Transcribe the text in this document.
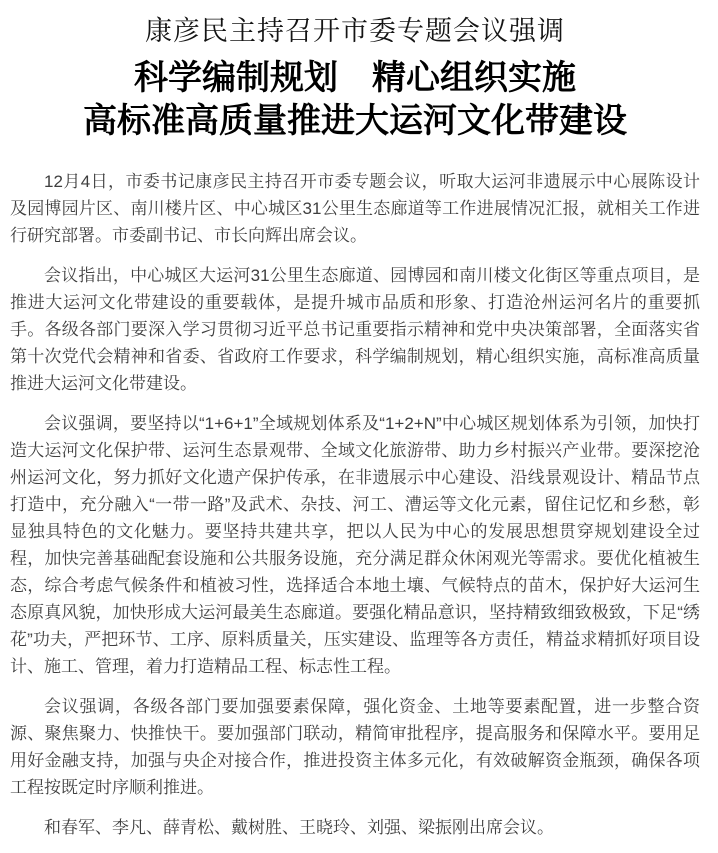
康彦民主持召开市委专题会议强调
科学编制规划　精心组织实施
高标准高质量推进大运河文化带建设

12月4日，市委书记康彦民主持召开市委专题会议，听取大运河非遗展示中心展陈设计及园博园片区、南川楼片区、中心城区31公里生态廊道等工作进展情况汇报，就相关工作进行研究部署。市委副书记、市长向辉出席会议。

会议指出，中心城区大运河31公里生态廊道、园博园和南川楼文化街区等重点项目，是推进大运河文化带建设的重要载体，是提升城市品质和形象、打造沧州运河名片的重要抓手。各级各部门要深入学习贯彻习近平总书记重要指示精神和党中央决策部署，全面落实省第十次党代会精神和省委、省政府工作要求，科学编制规划，精心组织实施，高标准高质量推进大运河文化带建设。

会议强调，要坚持以“1+6+1”全域规划体系及“1+2+N”中心城区规划体系为引领，加快打造大运河文化保护带、运河生态景观带、全域文化旅游带、助力乡村振兴产业带。要深挖沧州运河文化，努力抓好文化遗产保护传承，在非遗展示中心建设、沿线景观设计、精品节点打造中，充分融入“一带一路”及武术、杂技、河工、漕运等文化元素，留住记忆和乡愁，彰显独具特色的文化魅力。要坚持共建共享，把以人民为中心的发展思想贯穿规划建设全过程，加快完善基础配套设施和公共服务设施，充分满足群众休闲观光等需求。要优化植被生态，综合考虑气候条件和植被习性，选择适合本地土壤、气候特点的苗木，保护好大运河生态原真风貌，加快形成大运河最美生态廊道。要强化精品意识，坚持精致细致极致，下足“绣花”功夫，严把环节、工序、原料质量关，压实建设、监理等各方责任，精益求精抓好项目设计、施工、管理，着力打造精品工程、标志性工程。

会议强调，各级各部门要加强要素保障，强化资金、土地等要素配置，进一步整合资源、聚焦聚力、快推快干。要加强部门联动，精简审批程序，提高服务和保障水平。要用足用好金融支持，加强与央企对接合作，推进投资主体多元化，有效破解资金瓶颈，确保各项工程按既定时序顺利推进。

和春军、李凡、薛青松、戴树胜、王晓玲、刘强、梁振刚出席会议。
